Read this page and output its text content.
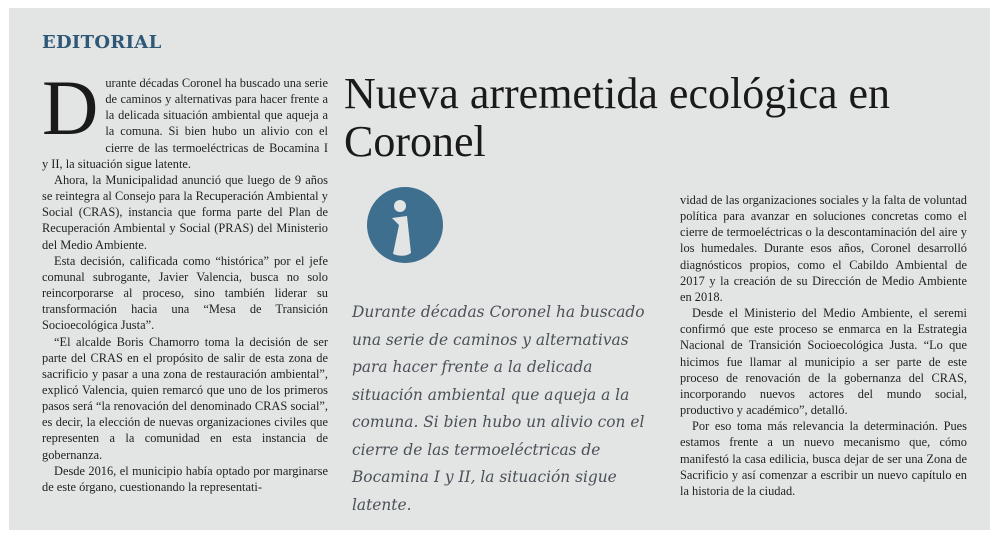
EDITORIAL

Durante décadas Coronel ha buscado una serie de caminos y alternativas para hacer frente a la delicada situación ambiental que aqueja a la comuna. Si bien hubo un alivio con el cierre de las termoeléctricas de Bocamina I y II, la situación sigue latente.

Ahora, la Municipalidad anunció que luego de 9 años se reintegra al Consejo para la Recuperación Ambiental y Social (CRAS), instancia que forma parte del Plan de Recuperación Ambiental y Social (PRAS) del Ministerio del Medio Ambiente.

Esta decisión, calificada como “histórica” por el jefe comunal subrogante, Javier Valencia, busca no solo reincorporarse al proceso, sino también liderar su transformación hacia una “Mesa de Transición Socioecológica Justa”.

“El alcalde Boris Chamorro toma la decisión de ser parte del CRAS en el propósito de salir de esta zona de sacrificio y pasar a una zona de restauración ambiental”, explicó Valencia, quien remarcó que uno de los primeros pasos será “la renovación del denominado CRAS social”, es decir, la elección de nuevas organizaciones civiles que representen a la comunidad en esta instancia de gobernanza.

Desde 2016, el municipio había optado por marginarse de este órgano, cuestionando la representati-

Nueva arremetida ecológica en Coronel
Durante décadas Coronel ha buscado una serie de caminos y alternativas para hacer frente a la delicada situación ambiental que aqueja a la comuna. Si bien hubo un alivio con el cierre de las termoeléctricas de Bocamina I y II, la situación sigue latente.

vidad de las organizaciones sociales y la falta de voluntad política para avanzar en soluciones concretas como el cierre de termoeléctricas o la descontaminación del aire y los humedales. Durante esos años, Coronel desarrolló diagnósticos propios, como el Cabildo Ambiental de 2017 y la creación de su Dirección de Medio Ambiente en 2018.

Desde el Ministerio del Medio Ambiente, el seremi confirmó que este proceso se enmarca en la Estrategia Nacional de Transición Socioecológica Justa. “Lo que hicimos fue llamar al municipio a ser parte de este proceso de renovación de la gobernanza del CRAS, incorporando nuevos actores del mundo social, productivo y académico”, detalló.

Por eso toma más relevancia la determinación. Pues estamos frente a un nuevo mecanismo que, cómo manifestó la casa edilicia, busca dejar de ser una Zona de Sacrificio y así comenzar a escribir un nuevo capítulo en la historia de la ciudad.
